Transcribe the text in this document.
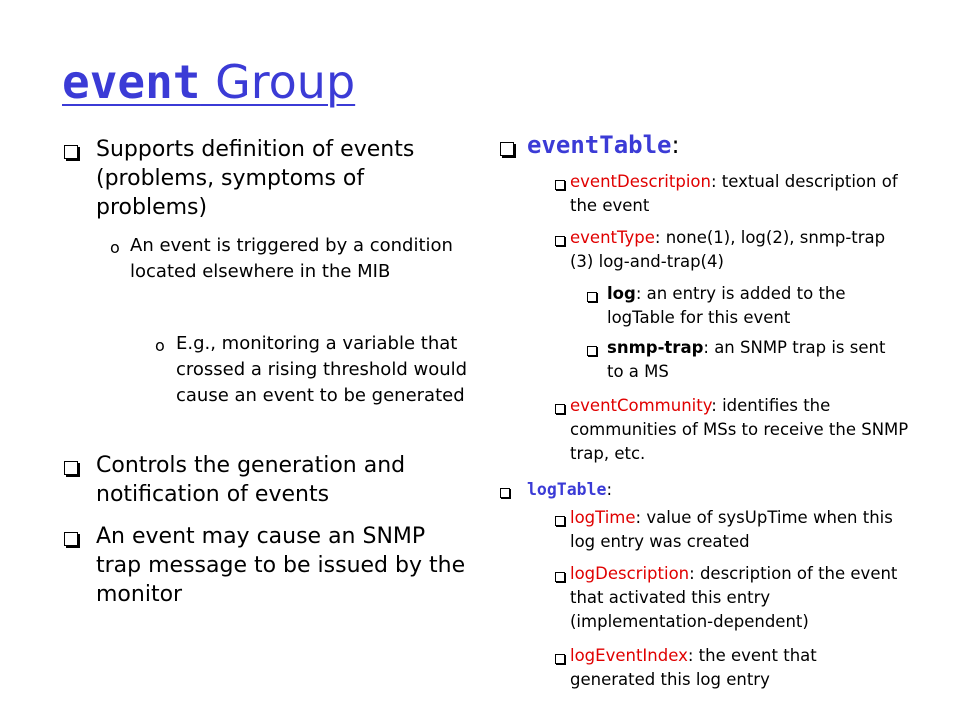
event Group
Supports definition of events (problems, symptoms of problems)
o An event is triggered by a condition located elsewhere in the MIB
o E.g., monitoring a variable that crossed a rising threshold would cause an event to be generated
Controls the generation and notification of events
An event may cause an SNMP trap message to be issued by the monitor
eventTable:
eventDescritpion: textual description of the event
eventType: none(1), log(2), snmp-trap (3) log-and-trap(4)
log: an entry is added to the logTable for this event
snmp-trap: an SNMP trap is sent to a MS
eventCommunity: identifies the communities of MSs to receive the SNMP trap, etc.
logTable:
logTime: value of sysUpTime when this log entry was created
logDescription: description of the event that activated this entry (implementation-dependent)
logEventIndex: the event that generated this log entry
